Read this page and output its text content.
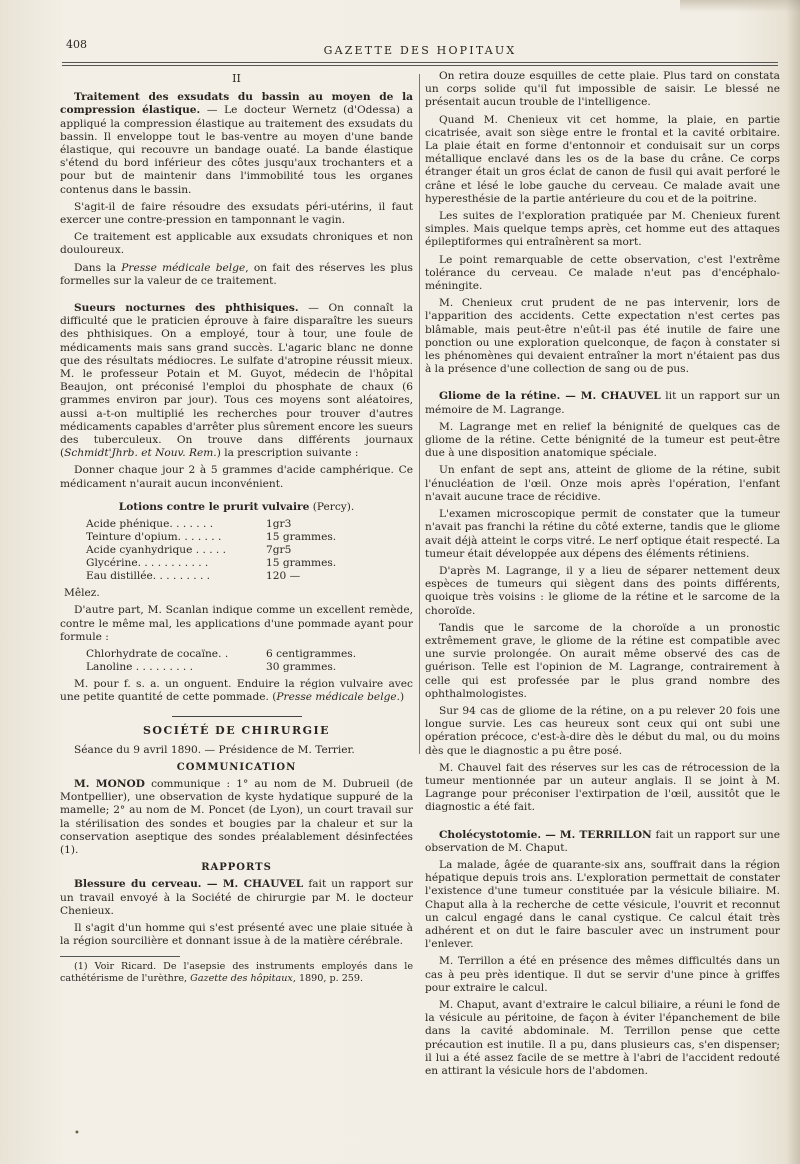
408	GAZETTE DES HOPITAUX
II

Traitement des exsudats du bassin au moyen de la compression élastique. — Le docteur Wernetz (d'Odessa) a appliqué la compression élastique au traitement des exsudats du bassin. Il enveloppe tout le bas-ventre au moyen d'une bande élastique, qui recouvre un bandage ouaté. La bande élastique s'étend du bord inférieur des côtes jusqu'aux trochanters et a pour but de maintenir dans l'immobilité tous les organes contenus dans le bassin.

S'agit-il de faire résoudre des exsudats péri-utérins, il faut exercer une contre-pression en tamponnant le vagin.

Ce traitement est applicable aux exsudats chroniques et non douloureux.

Dans la Presse médicale belge, on fait des réserves les plus formelles sur la valeur de ce traitement.

Sueurs nocturnes des phthisiques. — On connaît la difficulté que le praticien éprouve à faire disparaître les sueurs des phthisiques. On a employé, tour à tour, une foule de médicaments mais sans grand succès. L'agaric blanc ne donne que des résultats médiocres. Le sulfate d'atropine réussit mieux. M. le professeur Potain et M. Guyot, médecin de l'hôpital Beaujon, ont préconisé l'emploi du phosphate de chaux (6 grammes environ par jour). Tous ces moyens sont aléatoires, aussi a-t-on multiplié les recherches pour trouver d'autres médicaments capables d'arrêter plus sûrement encore les sueurs des tuberculeux. On trouve dans différents journaux (Schmidt'Jhrb. et Nouv. Rem.) la prescription suivante :

Donner chaque jour 2 à 5 grammes d'acide camphérique. Ce médicament n'aurait aucun inconvénient.

Lotions contre le prurit vulvaire (Percy).
Acide phénique. . . . . . .	1gr3
Teinture d'opium. . . . . . .	15 grammes.
Acide cyanhydrique . . . . .	7gr5
Glycérine. . . . . . . . . . .	15 grammes.
Eau distillée. . . . . . . . .	120 —

Mêlez.

D'autre part, M. Scanlan indique comme un excellent remède, contre le même mal, les applications d'une pommade ayant pour formule :

Chlorhydrate de cocaïne. .	6 centigrammes.
Lanoline . . . . . . . . .	30 grammes.

M. pour f. s. a. un onguent. Enduire la région vulvaire avec une petite quantité de cette pommade. (Presse médicale belge.)

SOCIÉTÉ DE CHIRURGIE

Séance du 9 avril 1890. — Présidence de M. Terrier.

COMMUNICATION

M. MONOD communique : 1° au nom de M. Dubrueil (de Montpellier), une observation de kyste hydatique suppuré de la mamelle; 2° au nom de M. Poncet (de Lyon), un court travail sur la stérilisation des sondes et bougies par la chaleur et sur la conservation aseptique des sondes préalablement désinfectées (1).

RAPPORTS

Blessure du cerveau. — M. CHAUVEL fait un rapport sur un travail envoyé à la Société de chirurgie par M. le docteur Chenieux.

Il s'agit d'un homme qui s'est présenté avec une plaie située à la région sourcilière et donnant issue à de la matière cérébrale.

(1) Voir Ricard. De l'asepsie des instruments employés dans le cathétérisme de l'urèthre, Gazette des hôpitaux, 1890, p. 259.

On retira douze esquilles de cette plaie. Plus tard on constata un corps solide qu'il fut impossible de saisir. Le blessé ne présentait aucun trouble de l'intelligence.

Quand M. Chenieux vit cet homme, la plaie, en partie cicatrisée, avait son siège entre le frontal et la cavité orbitaire. La plaie était en forme d'entonnoir et conduisait sur un corps métallique enclavé dans les os de la base du crâne. Ce corps étranger était un gros éclat de canon de fusil qui avait perforé le crâne et lésé le lobe gauche du cerveau. Ce malade avait une hyperesthésie de la partie antérieure du cou et de la poitrine.

Les suites de l'exploration pratiquée par M. Chenieux furent simples. Mais quelque temps après, cet homme eut des attaques épileptiformes qui entraînèrent sa mort.

Le point remarquable de cette observation, c'est l'extrême tolérance du cerveau. Ce malade n'eut pas d'encéphalo-méningite.

M. Chenieux crut prudent de ne pas intervenir, lors de l'apparition des accidents. Cette expectation n'est certes pas blâmable, mais peut-être n'eût-il pas été inutile de faire une ponction ou une exploration quelconque, de façon à constater si les phénomènes qui devaient entraîner la mort n'étaient pas dus à la présence d'une collection de sang ou de pus.

Gliome de la rétine. — M. CHAUVEL lit un rapport sur un mémoire de M. Lagrange.

M. Lagrange met en relief la bénignité de quelques cas de gliome de la rétine. Cette bénignité de la tumeur est peut-être due à une disposition anatomique spéciale.

Un enfant de sept ans, atteint de gliome de la rétine, subit l'énucléation de l'œil. Onze mois après l'opération, l'enfant n'avait aucune trace de récidive.

L'examen microscopique permit de constater que la tumeur n'avait pas franchi la rétine du côté externe, tandis que le gliome avait déjà atteint le corps vitré. Le nerf optique était respecté. La tumeur était développée aux dépens des éléments rétiniens.

D'après M. Lagrange, il y a lieu de séparer nettement deux espèces de tumeurs qui siègent dans des points différents, quoique très voisins : le gliome de la rétine et le sarcome de la choroïde.

Tandis que le sarcome de la choroïde a un pronostic extrêmement grave, le gliome de la rétine est compatible avec une survie prolongée. On aurait même observé des cas de guérison. Telle est l'opinion de M. Lagrange, contrairement à celle qui est professée par le plus grand nombre des ophthalmologistes.

Sur 94 cas de gliome de la rétine, on a pu relever 20 fois une longue survie. Les cas heureux sont ceux qui ont subi une opération précoce, c'est-à-dire dès le début du mal, ou du moins dès que le diagnostic a pu être posé.

M. Chauvel fait des réserves sur les cas de rétrocession de la tumeur mentionnée par un auteur anglais. Il se joint à M. Lagrange pour préconiser l'extirpation de l'œil, aussitôt que le diagnostic a été fait.

Cholécystotomie. — M. TERRILLON fait un rapport sur une observation de M. Chaput.

La malade, âgée de quarante-six ans, souffrait dans la région hépatique depuis trois ans. L'exploration permettait de constater l'existence d'une tumeur constituée par la vésicule biliaire. M. Chaput alla à la recherche de cette vésicule, l'ouvrit et reconnut un calcul engagé dans le canal cystique. Ce calcul était très adhérent et on dut le faire basculer avec un instrument pour l'enlever.

M. Terrillon a été en présence des mêmes difficultés dans un cas à peu près identique. Il dut se servir d'une pince à griffes pour extraire le calcul.

M. Chaput, avant d'extraire le calcul biliaire, a réuni le fond de la vésicule au péritoine, de façon à éviter l'épanchement de bile dans la cavité abdominale. M. Terrillon pense que cette précaution est inutile. Il a pu, dans plusieurs cas, s'en dispenser; il lui a été assez facile de se mettre à l'abri de l'accident redouté en attirant la vésicule hors de l'abdomen.

•
